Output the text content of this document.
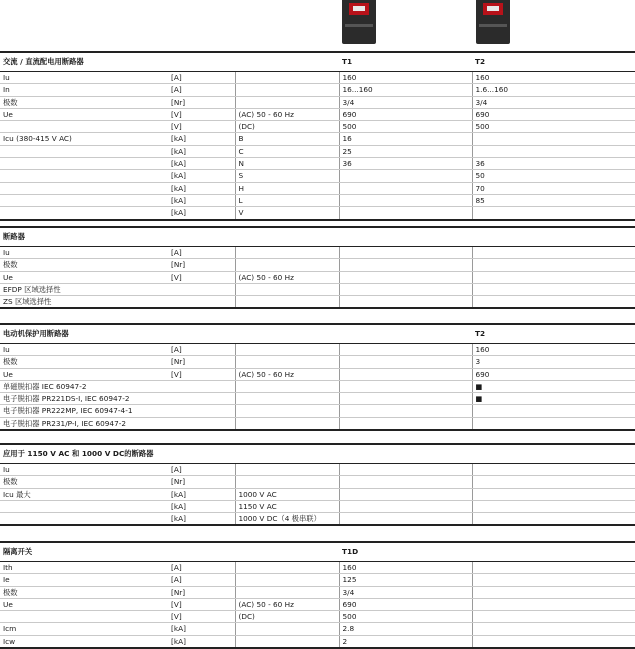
交流 / 直流配电用断路器			T1	T2
Iu	[A]		160	160
In	[A]		16...160	1.6...160
极数	[Nr]		3/4	3/4
Ue	[V]	(AC) 50 - 60 Hz	690	690
	[V]	(DC)	500	500
Icu (380-415 V AC)	[kA]	B	16	
	[kA]	C	25	
	[kA]	N	36	36
	[kA]	S		50
	[kA]	H		70
	[kA]	L		85
	[kA]	V		
断路器				
Iu	[A]			
极数	[Nr]			
Ue	[V]	(AC) 50 - 60 Hz		
EFDP 区域选择性				
ZS 区域选择性				
电动机保护用断路器				T2
Iu	[A]			160
极数	[Nr]			3
Ue	[V]	(AC) 50 - 60 Hz		690
单磁脱扣器 IEC 60947-2				■
电子脱扣器 PR221DS-I, IEC 60947-2				■
电子脱扣器 PR222MP, IEC 60947-4-1				
电子脱扣器 PR231/P-I, IEC 60947-2				
应用于 1150 V AC 和 1000 V DC的断路器				
Iu	[A]			
极数	[Nr]			
Icu 最大	[kA]	1000 V AC		
	[kA]	1150 V AC		
	[kA]	1000 V DC（4 极串联）		
隔离开关			T1D	
Ith	[A]		160	
Ie	[A]		125	
极数	[Nr]		3/4	
Ue	[V]	(AC) 50 - 60 Hz	690	
	[V]	(DC)	500	
Icm	[kA]		2.8	
Icw	[kA]		2	
